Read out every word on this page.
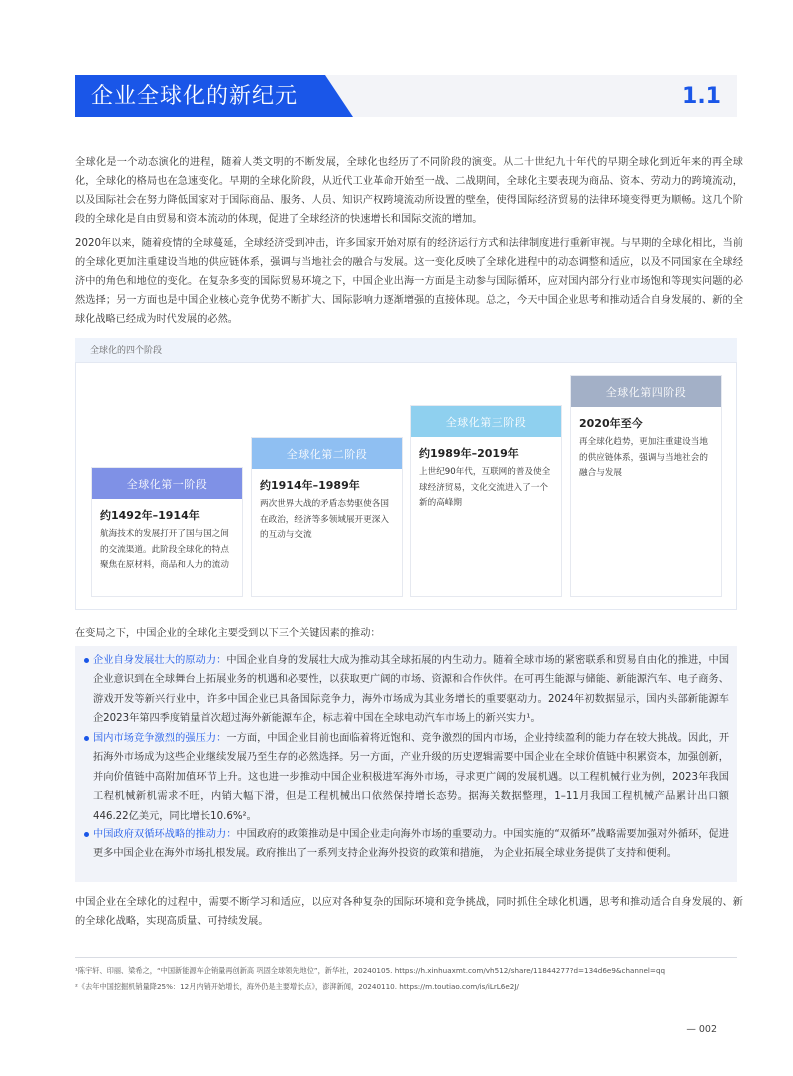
企业全球化的新纪元	1.1

全球化是一个动态演化的进程，随着人类文明的不断发展，全球化也经历了不同阶段的演变。从二十世纪九十年代的早期全球化到近年来的再全球化，全球化的格局也在急速变化。早期的全球化阶段，从近代工业革命开始至一战、二战期间，全球化主要表现为商品、资本、劳动力的跨境流动，以及国际社会在努力降低国家对于国际商品、服务、人员、知识产权跨境流动所设置的壁垒，使得国际经济贸易的法律环境变得更为顺畅。这几个阶段的全球化是自由贸易和资本流动的体现，促进了全球经济的快速增长和国际交流的增加。

2020年以来，随着疫情的全球蔓延，全球经济受到冲击，许多国家开始对原有的经济运行方式和法律制度进行重新审视。与早期的全球化相比，当前的全球化更加注重建设当地的供应链体系，强调与当地社会的融合与发展。这一变化反映了全球化进程中的动态调整和适应，以及不同国家在全球经济中的角色和地位的变化。在复杂多变的国际贸易环境之下，中国企业出海一方面是主动参与国际循环，应对国内部分行业市场饱和等现实问题的必然选择；另一方面也是中国企业核心竞争优势不断扩大、国际影响力逐渐增强的直接体现。总之，今天中国企业思考和推动适合自身发展的、新的全球化战略已经成为时代发展的必然。

全球化的四个阶段
全球化第一阶段
约1492年–1914年
航海技术的发展打开了国与国之间的交流渠道。此阶段全球化的特点聚焦在原材料，商品和人力的流动
全球化第二阶段
约1914年–1989年
两次世界大战的矛盾态势驱使各国在政治，经济等多领域展开更深入的互动与交流
全球化第三阶段
约1989年–2019年
上世纪90年代，互联网的普及使全球经济贸易，文化交流进入了一个新的高峰期
全球化第四阶段
2020年至今
再全球化趋势，更加注重建设当地的供应链体系，强调与当地社会的融合与发展

在变局之下，中国企业的全球化主要受到以下三个关键因素的推动：

企业自身发展壮大的原动力：中国企业自身的发展壮大成为推动其全球拓展的内生动力。随着全球市场的紧密联系和贸易自由化的推进，中国企业意识到在全球舞台上拓展业务的机遇和必要性，以获取更广阔的市场、资源和合作伙伴。在可再生能源与储能、新能源汽车、电子商务、游戏开发等新兴行业中，许多中国企业已具备国际竞争力，海外市场成为其业务增长的重要驱动力。2024年初数据显示，国内头部新能源车企2023年第四季度销量首次超过海外新能源车企，标志着中国在全球电动汽车市场上的新兴实力¹。
国内市场竞争激烈的强压力：一方面，中国企业目前也面临着将近饱和、竞争激烈的国内市场，企业持续盈利的能力存在较大挑战。因此，开拓海外市场成为这些企业继续发展乃至生存的必然选择。另一方面，产业升级的历史逻辑需要中国企业在全球价值链中积累资本，加强创新，并向价值链中高附加值环节上升。这也进一步推动中国企业积极进军海外市场，寻求更广阔的发展机遇。以工程机械行业为例，2023年我国工程机械新机需求不旺，内销大幅下滑，但是工程机械出口依然保持增长态势。据海关数据整理，1–11月我国工程机械产品累计出口额446.22亿美元，同比增长10.6%²。
中国政府双循环战略的推动力：中国政府的政策推动是中国企业走向海外市场的重要动力。中国实施的“双循环”战略需要加强对外循环，促进更多中国企业在海外市场扎根发展。政府推出了一系列支持企业海外投资的政策和措施， 为企业拓展全球业务提供了支持和便利。

中国企业在全球化的过程中，需要不断学习和适应，以应对各种复杂的国际环境和竞争挑战，同时抓住全球化机遇，思考和推动适合自身发展的、新的全球化战略，实现高质量、可持续发展。

¹陈宇轩、印丽、梁希之，“中国新能源车企销量再创新高 巩固全球领先地位”，新华社，20240105. https://h.xinhuaxmt.com/vh512/share/11844277?d=134d6e9&channel=qq
²《去年中国挖掘机销量降25%：12月内销开始增长，海外仍是主要增长点》，澎湃新闻，20240110. https://m.toutiao.com/is/iLrL6e2J/
— 002
